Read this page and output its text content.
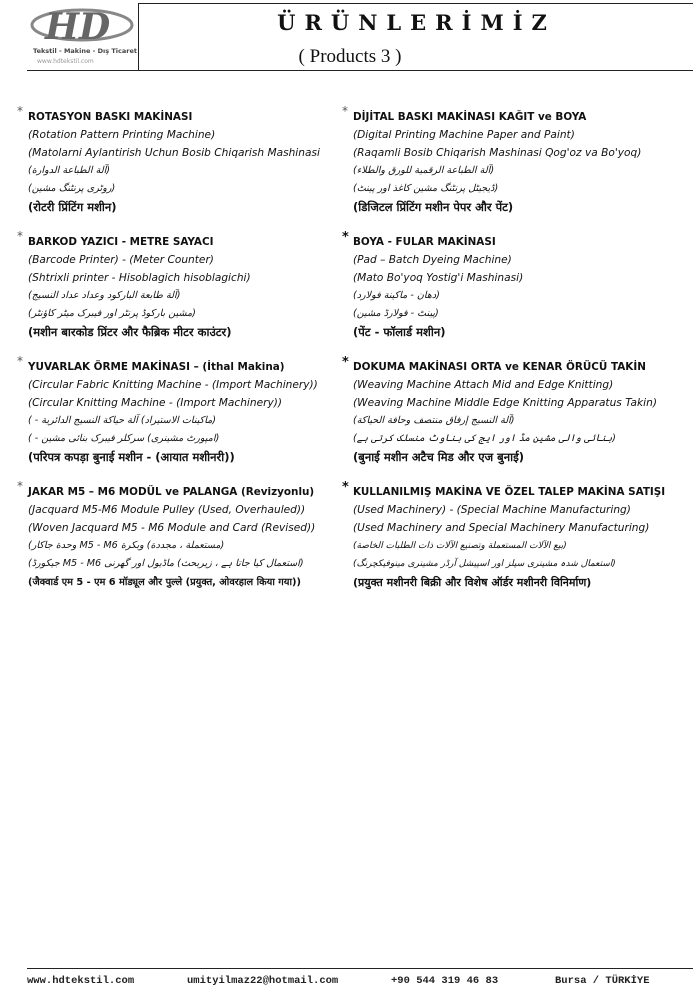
HD
Tekstil - Makine - Dış Ticaret
www.hdtekstil.com
ÜRÜNLERİMİZ
( Products 3 )
* ROTASYON BASKI MAKİNASI
(Rotation Pattern Printing Machine)
(Matolarni Aylantirish Uchun Bosib Chiqarish Mashinasi
(آلة الطباعة الدوارة)
(روٹری پرنٹنگ مشین)
(रोटरी प्रिंटिंग मशीन)
* DİJİTAL BASKI MAKİNASI KAĞIT ve BOYA
(Digital Printing Machine Paper and Paint)
(Raqamli Bosib Chiqarish Mashinasi Qog'oz va Bo'yoq)
(آلة الطباعة الرقمية للورق والطلاء)
(ڈیجیٹل پرنٹنگ مشین کاغذ اور پینٹ)
(डिजिटल प्रिंटिंग मशीन पेपर और पेंट)
* BARKOD YAZICI - METRE SAYACI
(Barcode Printer) - (Meter Counter)
(Shtrixli printer - Hisoblagich hisoblagichi)
(آلة طابعة الباركود وعداد عداد النسيج)
(مشین بارکوڈ پرنٹر اور فیبرک میٹر کاؤنٹر)
(मशीन बारकोड प्रिंटर और फैब्रिक मीटर काउंटर)
* BOYA - FULAR MAKİNASI
(Pad – Batch Dyeing Machine)
(Mato Bo'yoq Yostig'i Mashinasi)
(دهان - ماكينة فولارد)
(پینٹ - فولارڈ مشین)
(पेंट - फॉलार्ड मशीन)
* YUVARLAK ÖRME MAKİNASI – (İthal Makina)
(Circular Fabric Knitting Machine - (Import Machinery))
(Circular Knitting Machine - (Import Machinery))
(ماكينات الاستيراد) آلة حياكة النسيج الدائرية - )
(امپورٹ مشینری) سرکلر فیبرک بنائی مشین - )
(परिपत्र कपड़ा बुनाई मशीन - (आयात मशीनरी))
* DOKUMA MAKİNASI ORTA ve KENAR ÖRÜCÜ TAKİN
(Weaving Machine Attach Mid and Edge Knitting)
(Weaving Machine Middle Edge Knitting Apparatus Takin)
(آلة النسيج إرفاق منتصف وحافة الحياكة)
(بنائی والی مشین مڈ اور ایج کی بناوٹ منسلک کرتی ہے)
(बुनाई मशीन अटैच मिड और एज बुनाई)
* JAKAR M5 – M6 MODÜL ve PALANGA (Revizyonlu)
(Jacquard M5-M6 Module Pulley (Used, Overhauled))
(Woven Jacquard M5 - M6 Module and Card (Revised))
(مستعملة ، مجددة) وبكرة M5 - M6 وحدة جاكار)
(استعمال کیا جاتا ہے ، زیربحث) ماڈیول اور گھرنی M5 - M6 جیکورڈ)
(जैक्वार्ड एम 5 - एम 6 मॉड्यूल और पुल्ले (प्रयुक्त, ओवरहाल किया गया))
* KULLANILMIŞ MAKİNA VE ÖZEL TALEP MAKİNA SATIŞI
(Used Machinery) - (Special Machine Manufacturing)
(Used Machinery and Special Machinery Manufacturing)
(بيع الآلات المستعملة وتصنيع الآلات ذات الطلبات الخاصة)
(استعمال شدہ مشینری سیلز اور اسپیشل آرڈر مشینری مینوفیکچرنگ)
(प्रयुक्त मशीनरी बिक्री और विशेष ऑर्डर मशीनरी विनिर्माण)
www.hdtekstil.com	umityilmaz22@hotmail.com	+90 544 319 46 83	Bursa / TÜRKİYE
